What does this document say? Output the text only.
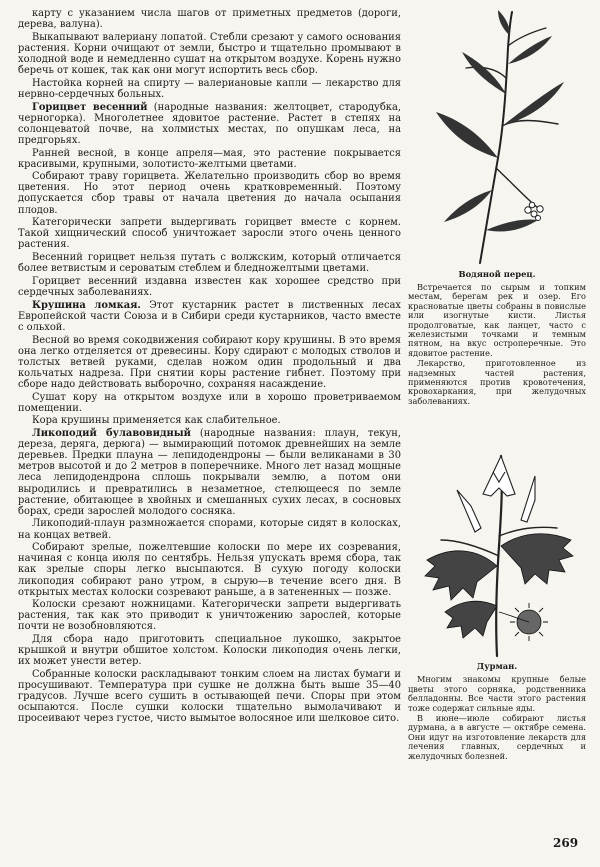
карту с указанием числа шагов от приметных предметов (дороги, дерева, валуна).

Выкапывают валериану лопатой. Стебли срезают у самого основания растения. Корни очищают от земли, быстро и тщательно промывают в холодной воде и немедленно сушат на открытом воздухе. Корень нужно беречь от кошек, так как они могут испортить весь сбор.

Настойка корней на спирту — валериановые капли — лекарство для нервно-сердечных больных.

Горицвет весенний (народные названия: желтоцвет, стародубка, черногорка). Многолетнее ядовитое растение. Растет в степях на солонцеватой почве, на холмистых местах, по опушкам леса, на предгорьях.

Ранней весной, в конце апреля—мая, это растение покрывается красивыми, крупными, золотисто-желтыми цветами.

Собирают траву горицвета. Желательно производить сбор во время цветения. Но этот период очень кратковременный. Поэтому допускается сбор травы от начала цветения до начала осыпания плодов.

Категорически запрети выдергивать горицвет вместе с корнем. Такой хищнический способ уничтожает заросли этого очень ценного растения.

Весенний горицвет нельзя путать с волжским, который отличается более ветвистым и сероватым стеблем и бледножелтыми цветами.

Горицвет весенний издавна известен как хорошее средство при сердечных заболеваниях.

Крушина ломкая. Этот кустарник растет в лиственных лесах Европейской части Союза и в Сибири среди кустарников, часто вместе с ольхой.

Весной во время сокодвижения собирают кору крушины. В это время она легко отделяется от древесины. Кору сдирают с молодых стволов и толстых ветвей руками, сделав ножом один продольный и два кольчатых надреза. При снятии коры растение гибнет. Поэтому при сборе надо действовать выборочно, сохраняя насаждение.

Сушат кору на открытом воздухе или в хорошо проветриваемом помещении.

Кора крушины применяется как слабительное.

Ликоподий булавовидный (народные названия: плаун, текун, дереза, деряга, дерюга) — вымирающий потомок древнейших на земле деревьев. Предки плауна — лепидодендроны — были великанами в 30 метров высотой и до 2 метров в поперечнике. Много лет назад мощные леса лепидодендрона сплошь покрывали землю, а потом они выродились и превратились в незаметное, стелющееся по земле растение, обитающее в хвойных и смешанных сухих лесах, в сосновых борах, среди зарослей молодого сосняка.

Ликоподий-плаун размножается спорами, которые сидят в колосках, на концах ветвей.

Собирают зрелые, пожелтевшие колоски по мере их созревания, начиная с конца июля по сентябрь. Нельзя упускать время сбора, так как зрелые споры легко высыпаются. В сухую погоду колоски ликоподия собирают рано утром, в сырую—в течение всего дня. В открытых местах колоски созревают раньше, а в затененных — позже.

Колоски срезают ножницами. Категорически запрети выдергивать растения, так как это приводит к уничтожению зарослей, которые почти не возобновляются.

Для сбора надо приготовить специальное лукошко, закрытое крышкой и внутри обшитое холстом. Колоски ликоподия очень легки, их может унести ветер.

Собранные колоски раскладывают тонким слоем на листах бумаги и просушивают. Температура при сушке не должна быть выше 35—40 градусов. Лучше всего сушить в остывающей печи. Споры при этом осыпаются. После сушки колоски тщательно вымолачивают и просеивают через густое, чисто вымытое волосяное или шелковое сито.

Водяной перец.

Встречается по сырым и топким местам, берегам рек и озер. Его красноватые цветы собраны в повислые или изогнутые кисти. Листья продолговатые, как ланцет, часто с железистыми точками и темным пятном, на вкус остроперечные. Это ядовитое растение.

Лекарство, приготовленное из надземных частей растения, применяются против кровотечения, кровохаркания, при желудочных заболеваниях.

Дурман.

Многим знакомы крупные белые цветы этого сорняка, родственника белладонны. Все части этого растения тоже содержат сильные яды.

В июне—июле собирают листья дурмана, а в августе — октябре семена. Они идут на изготовление лекарств для лечения главных, сердечных и желудочных болезней.

269
